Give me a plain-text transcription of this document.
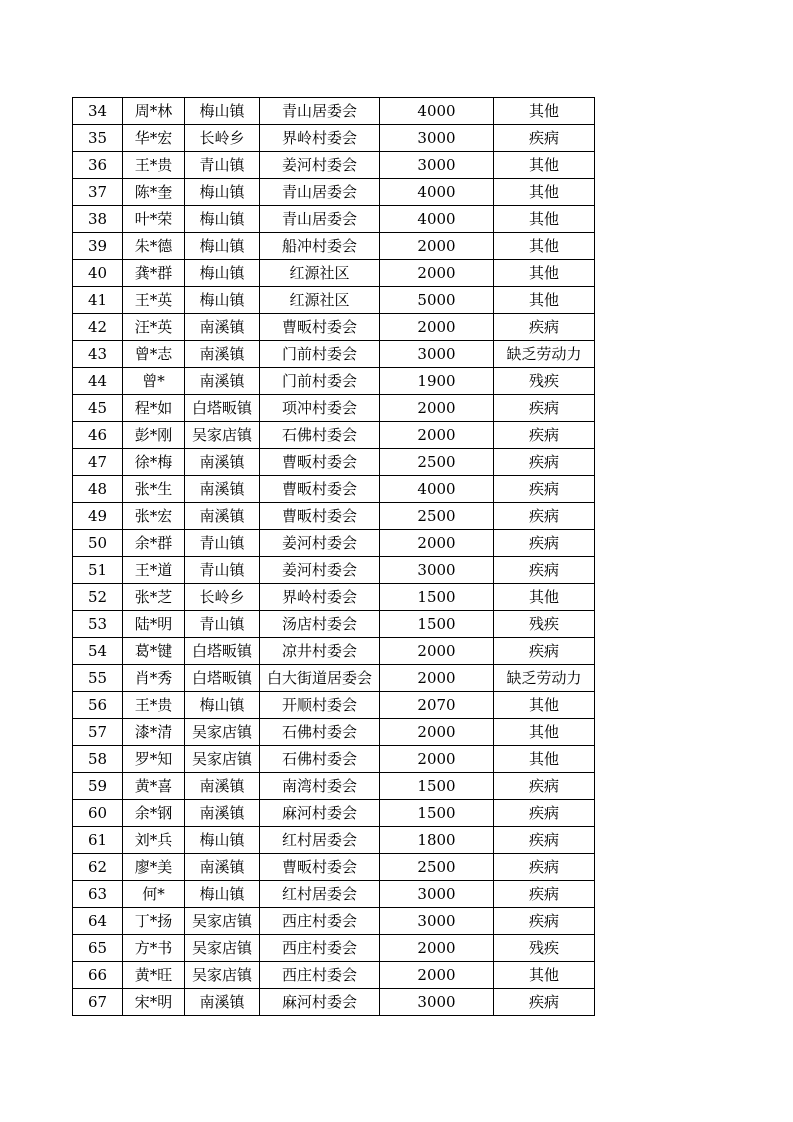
34	周*林	梅山镇	青山居委会	4000	其他
35	华*宏	长岭乡	界岭村委会	3000	疾病
36	王*贵	青山镇	姜河村委会	3000	其他
37	陈*奎	梅山镇	青山居委会	4000	其他
38	叶*荣	梅山镇	青山居委会	4000	其他
39	朱*德	梅山镇	船冲村委会	2000	其他
40	龚*群	梅山镇	红源社区	2000	其他
41	王*英	梅山镇	红源社区	5000	其他
42	汪*英	南溪镇	曹畈村委会	2000	疾病
43	曾*志	南溪镇	门前村委会	3000	缺乏劳动力
44	曾*	南溪镇	门前村委会	1900	残疾
45	程*如	白塔畈镇	项冲村委会	2000	疾病
46	彭*刚	吴家店镇	石佛村委会	2000	疾病
47	徐*梅	南溪镇	曹畈村委会	2500	疾病
48	张*生	南溪镇	曹畈村委会	4000	疾病
49	张*宏	南溪镇	曹畈村委会	2500	疾病
50	余*群	青山镇	姜河村委会	2000	疾病
51	王*道	青山镇	姜河村委会	3000	疾病
52	张*芝	长岭乡	界岭村委会	1500	其他
53	陆*明	青山镇	汤店村委会	1500	残疾
54	葛*键	白塔畈镇	凉井村委会	2000	疾病
55	肖*秀	白塔畈镇	白大街道居委会	2000	缺乏劳动力
56	王*贵	梅山镇	开顺村委会	2070	其他
57	漆*清	吴家店镇	石佛村委会	2000	其他
58	罗*知	吴家店镇	石佛村委会	2000	其他
59	黄*喜	南溪镇	南湾村委会	1500	疾病
60	余*钢	南溪镇	麻河村委会	1500	疾病
61	刘*兵	梅山镇	红村居委会	1800	疾病
62	廖*美	南溪镇	曹畈村委会	2500	疾病
63	何*	梅山镇	红村居委会	3000	疾病
64	丁*扬	吴家店镇	西庄村委会	3000	疾病
65	方*书	吴家店镇	西庄村委会	2000	残疾
66	黄*旺	吴家店镇	西庄村委会	2000	其他
67	宋*明	南溪镇	麻河村委会	3000	疾病
